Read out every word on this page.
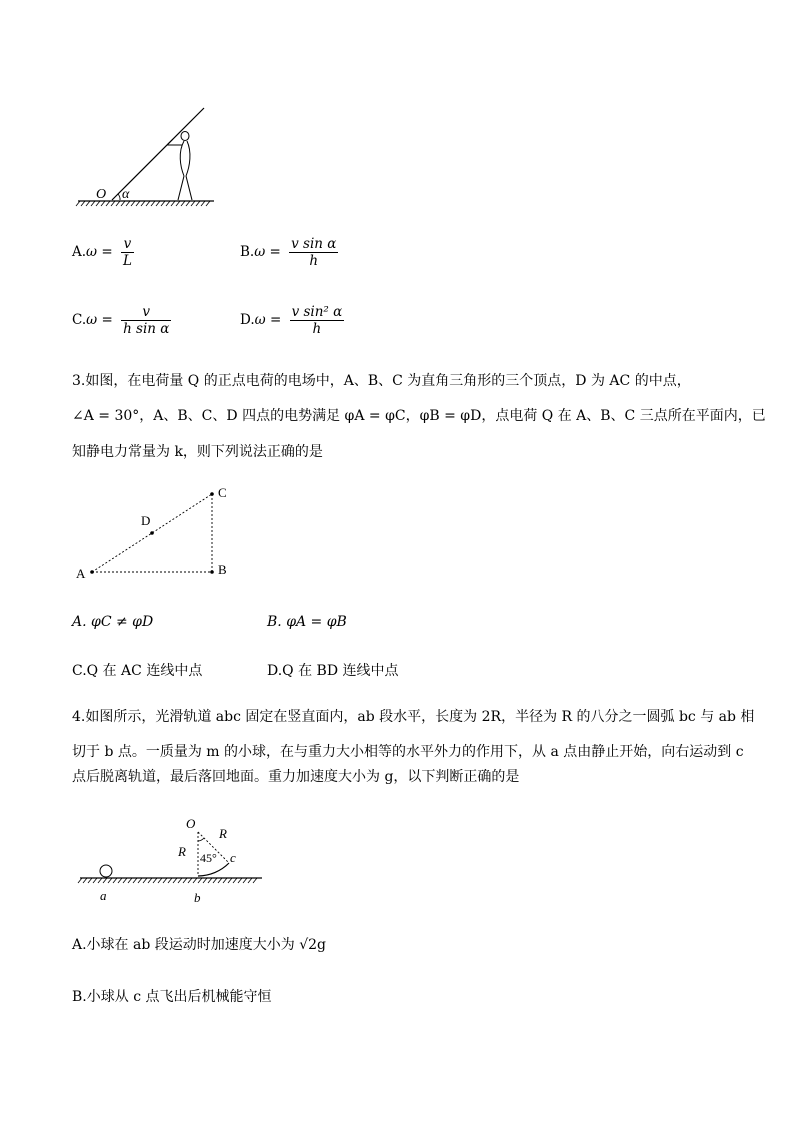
O α
$A.\omega = \frac{v}{L}$	$B.\omega = \frac{\text{v sin α}}{h}$
$C.\omega = \frac{v}{\text{h sin α}}$	$D.\omega = \frac{\text{v sin² α}}{h}$
3.如图，在电荷量 Q 的正点电荷的电场中，A、B、C 为直角三角形的三个顶点，D 为 AC 的中点，
∠A = 30°，A、B、C、D 四点的电势满足 φA = φC，φB = φD，点电荷 Q 在 A、B、C 三点所在平面内，已
知静电力常量为 k，则下列说法正确的是
A	B
C
D
A. φC ≠ φD	B. φA = φB
C.Q 在 AC 连线中点	D.Q 在 BD 连线中点
4.如图所示，光滑轨道 abc 固定在竖直面内，ab 段水平，长度为 2R，半径为 R 的八分之一圆弧 bc 与 ab 相
切于 b 点。一质量为 m 的小球，在与重力大小相等的水平外力的作用下，从 a 点由静止开始，向右运动到 c
点后脱离轨道，最后落回地面。重力加速度大小为 g，以下判断正确的是
O
R
R 45° c
a	b
A.小球在 ab 段运动时加速度大小为 √2g
B.小球从 c 点飞出后机械能守恒
